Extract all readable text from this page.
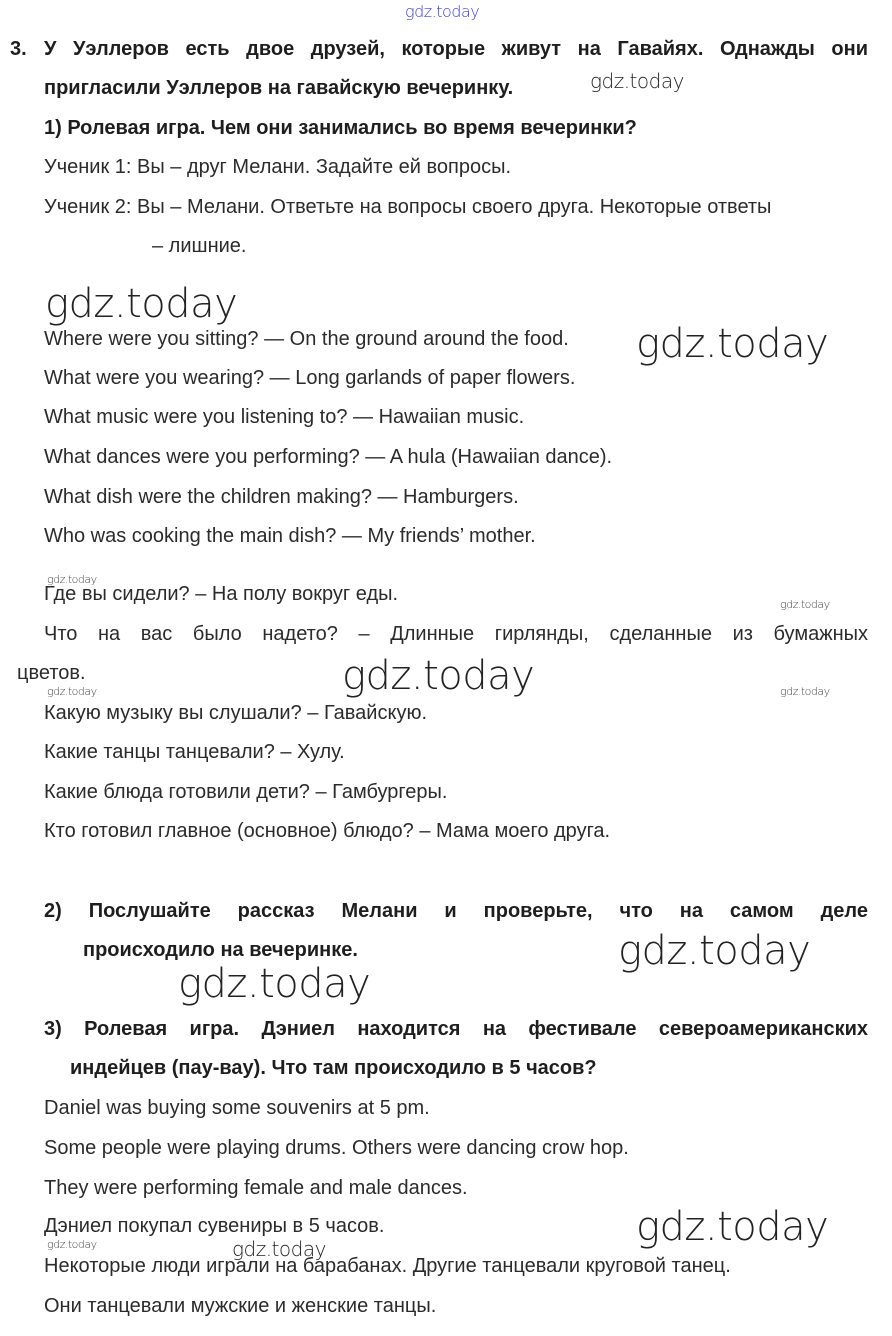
gdz.today
gdz.today
gdz.today
gdz.today
gdz.today
gdz.today
gdz.today
gdz.today	gdz.today
gdz.today
gdz.today
gdz.today
gdz.today	gdz.today
3. У Уэллеров есть двое друзей, которые живут на Гавайях. Однажды они
пригласили Уэллеров на гавайскую вечеринку.
1) Ролевая игра. Чем они занимались во время вечеринки?
Ученик 1: Вы – друг Мелани. Задайте ей вопросы.
Ученик 2: Вы – Мелани. Ответьте на вопросы своего друга. Некоторые ответы
– лишние.
Where were you sitting? — On the ground around the food.
What were you wearing? — Long garlands of paper flowers.
What music were you listening to? — Hawaiian music.
What dances were you performing? — A hula (Hawaiian dance).
What dish were the children making? — Hamburgers.
Who was cooking the main dish? — My friends’ mother.
Где вы сидели? – На полу вокруг еды.
Что на вас было надето? – Длинные гирлянды, сделанные из бумажных
цветов.
Какую музыку вы слушали? – Гавайскую.
Какие танцы танцевали? – Хулу.
Какие блюда готовили дети? – Гамбургеры.
Кто готовил главное (основное) блюдо? – Мама моего друга.
2) Послушайте рассказ Мелани и проверьте, что на самом деле
происходило на вечеринке.
3) Ролевая игра. Дэниел находится на фестивале североамериканских
индейцев (пау-вау). Что там происходило в 5 часов?
Daniel was buying some souvenirs at 5 pm.
Some people were playing drums. Others were dancing crow hop.
They were performing female and male dances.
Дэниел покупал сувениры в 5 часов.
Некоторые люди играли на барабанах. Другие танцевали круговой танец.
Они танцевали мужские и женские танцы.
